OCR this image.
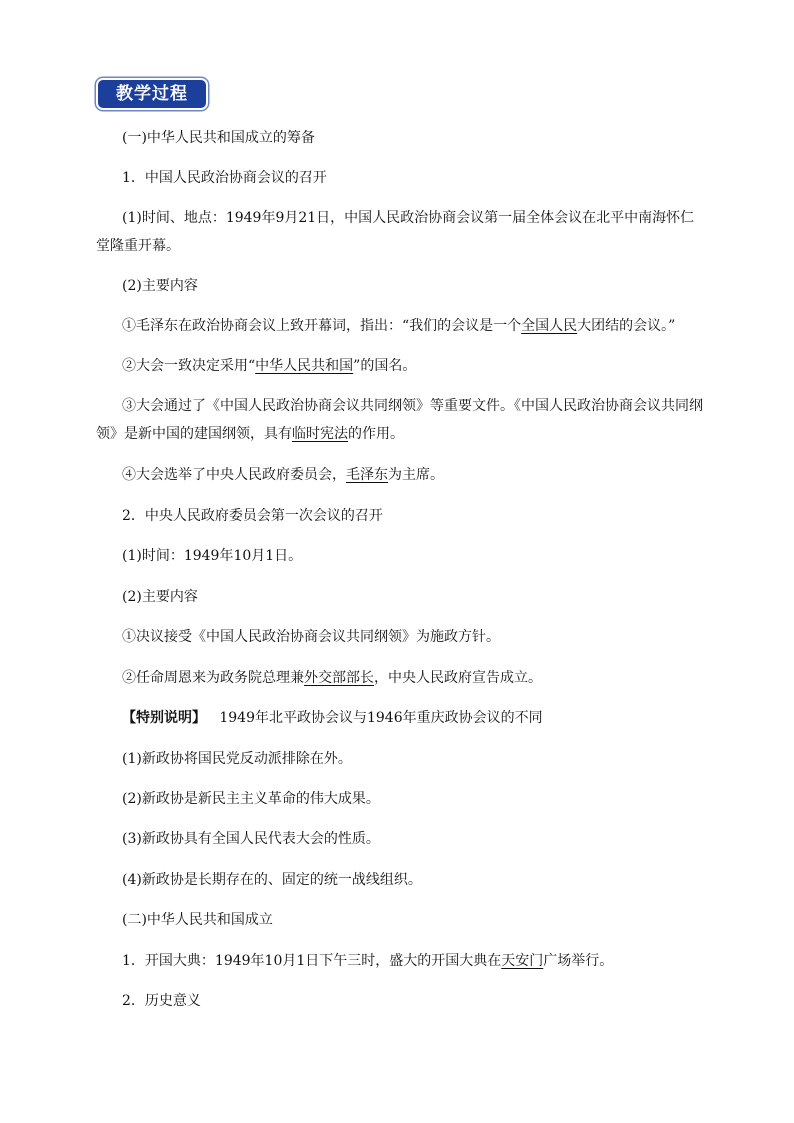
教学过程
(一)中华人民共和国成立的筹备
1．中国人民政治协商会议的召开
(1)时间、地点：1949年9月21日，中国人民政治协商会议第一届全体会议在北平中南海怀仁堂隆重开幕。
(2)主要内容
①毛泽东在政治协商会议上致开幕词，指出：“我们的会议是一个全国人民大团结的会议。”
②大会一致决定采用“中华人民共和国”的国名。
③大会通过了《中国人民政治协商会议共同纲领》等重要文件。《中国人民政治协商会议共同纲领》是新中国的建国纲领，具有临时宪法的作用。
④大会选举了中央人民政府委员会，毛泽东为主席。
2．中央人民政府委员会第一次会议的召开
(1)时间：1949年10月1日。
(2)主要内容
①决议接受《中国人民政治协商会议共同纲领》为施政方针。
②任命周恩来为政务院总理兼外交部部长，中央人民政府宣告成立。
【特别说明】 1949年北平政协会议与1946年重庆政协会议的不同
(1)新政协将国民党反动派排除在外。
(2)新政协是新民主主义革命的伟大成果。
(3)新政协具有全国人民代表大会的性质。
(4)新政协是长期存在的、固定的统一战线组织。
(二)中华人民共和国成立
1．开国大典：1949年10月1日下午三时，盛大的开国大典在天安门广场举行。
2．历史意义
